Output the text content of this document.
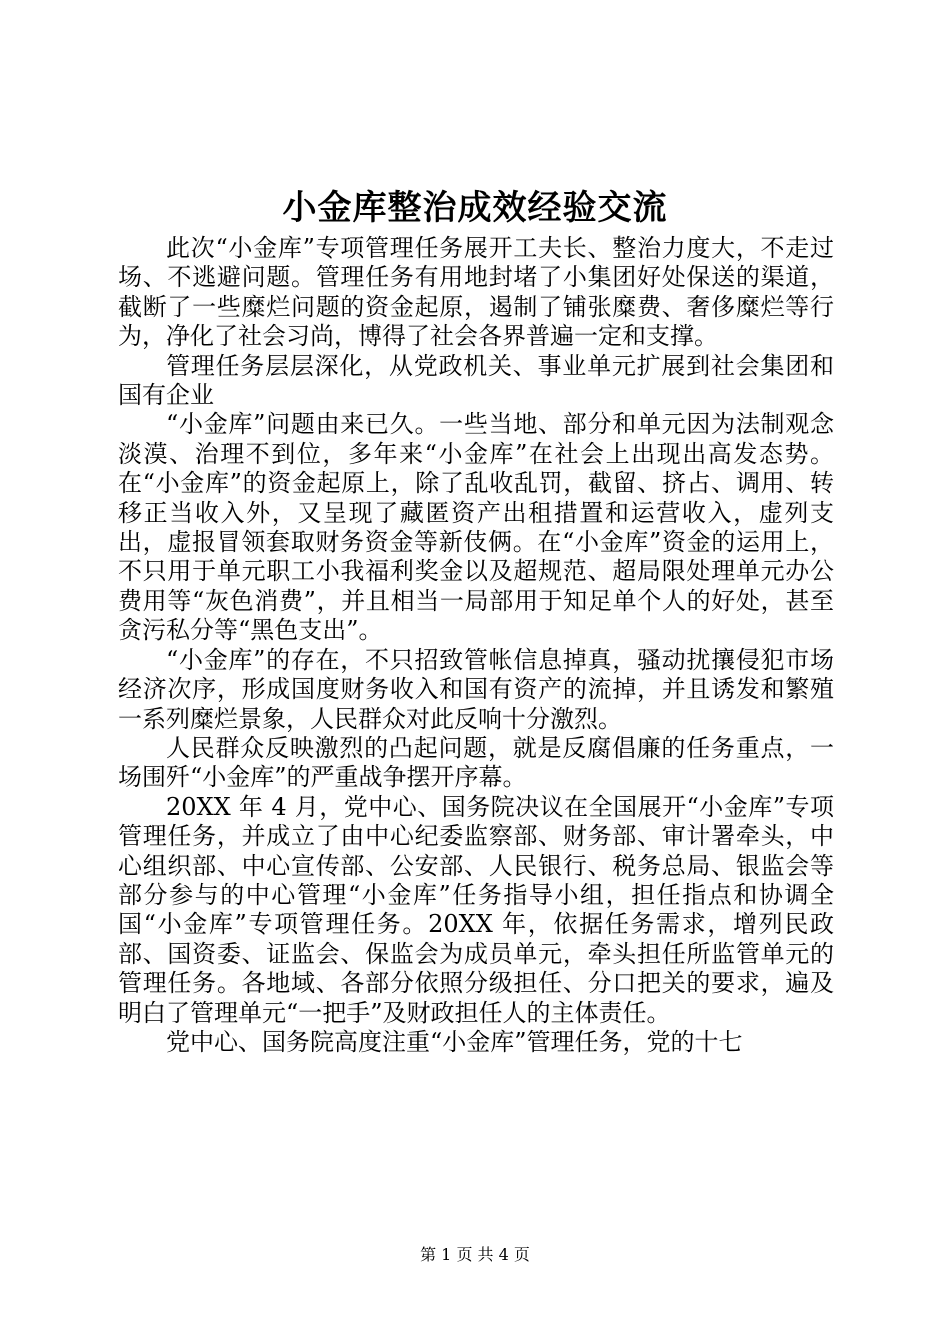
小金库整治成效经验交流

此次“小金库”专项管理任务展开工夫长、整治力度大，不走过场、不逃避问题。管理任务有用地封堵了小集团好处保送的渠道，截断了一些糜烂问题的资金起原，遏制了铺张糜费、奢侈糜烂等行为，净化了社会习尚，博得了社会各界普遍一定和支撑。

管理任务层层深化，从党政机关、事业单元扩展到社会集团和国有企业

“小金库”问题由来已久。一些当地、部分和单元因为法制观念淡漠、治理不到位，多年来“小金库”在社会上出现出高发态势。在“小金库”的资金起原上，除了乱收乱罚，截留、挤占、调用、转移正当收入外，又呈现了藏匿资产出租措置和运营收入，虚列支出，虚报冒领套取财务资金等新伎俩。在“小金库”资金的运用上，不只用于单元职工小我福利奖金以及超规范、超局限处理单元办公费用等“灰色消费”，并且相当一局部用于知足单个人的好处，甚至贪污私分等“黑色支出”。

“小金库”的存在，不只招致管帐信息掉真，骚动扰攘侵犯市场经济次序，形成国度财务收入和国有资产的流掉，并且诱发和繁殖一系列糜烂景象，人民群众对此反响十分激烈。

人民群众反映激烈的凸起问题，就是反腐倡廉的任务重点，一场围歼“小金库”的严重战争摆开序幕。

20XX 年 4 月，党中心、国务院决议在全国展开“小金库”专项管理任务，并成立了由中心纪委监察部、财务部、审计署牵头，中心组织部、中心宣传部、公安部、人民银行、税务总局、银监会等部分参与的中心管理“小金库”任务指导小组，担任指点和协调全国“小金库”专项管理任务。20XX 年，依据任务需求，增列民政部、国资委、证监会、保监会为成员单元，牵头担任所监管单元的管理任务。各地域、各部分依照分级担任、分口把关的要求，遍及明白了管理单元“一把手”及财政担任人的主体责任。

党中心、国务院高度注重“小金库”管理任务，党的十七

第 1 页 共 4 页
